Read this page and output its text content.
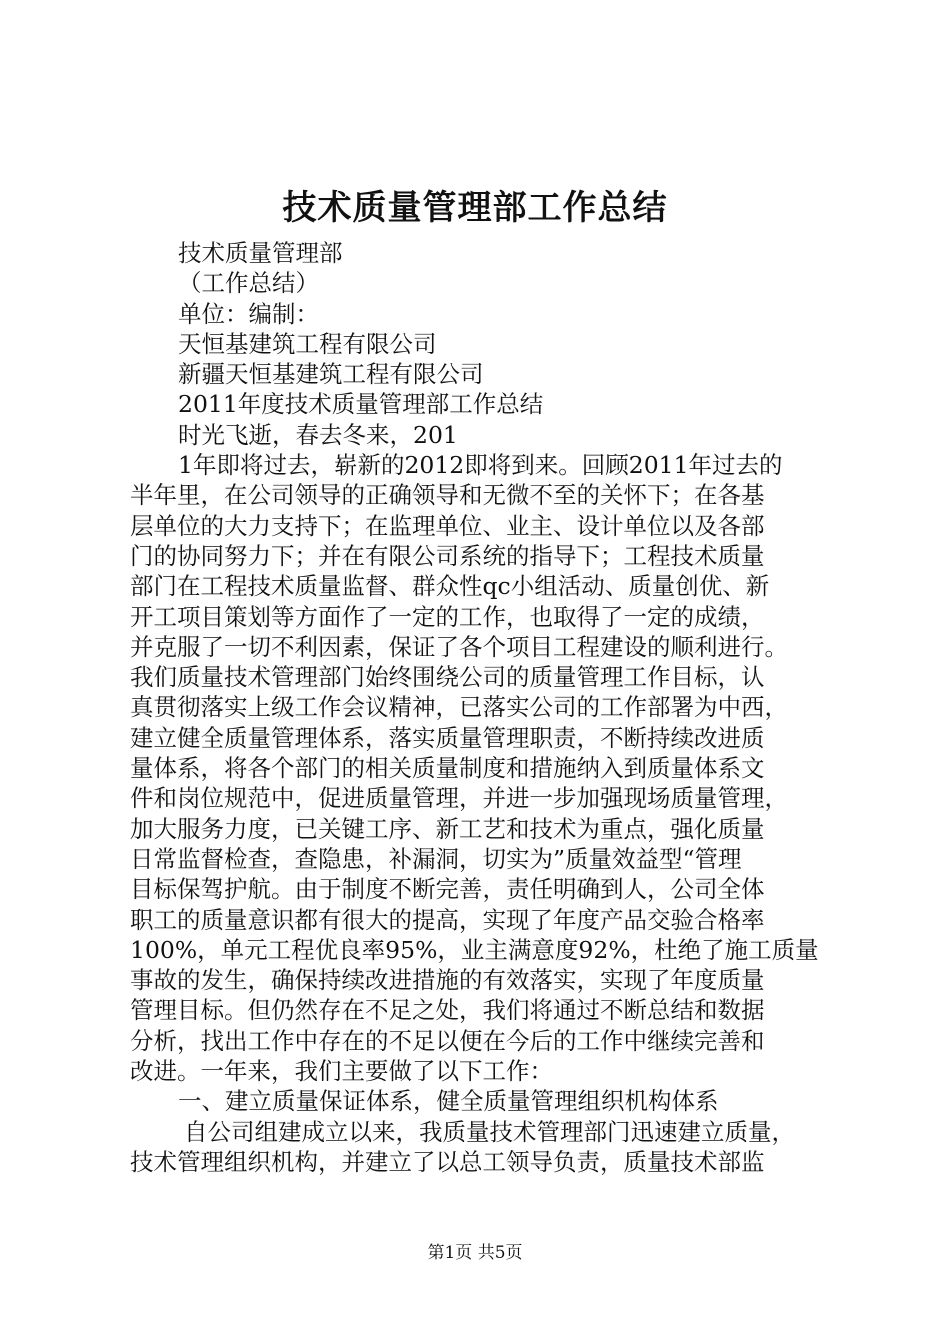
技术质量管理部工作总结
技术质量管理部
（工作总结）
单位：编制：
天恒基建筑工程有限公司
新疆天恒基建筑工程有限公司
2011年度技术质量管理部工作总结
时光飞逝，春去冬来，201
1年即将过去，崭新的2012即将到来。回顾2011年过去的
半年里，在公司领导的正确领导和无微不至的关怀下；在各基
层单位的大力支持下；在监理单位、业主、设计单位以及各部
门的协同努力下；并在有限公司系统的指导下；工程技术质量
部门在工程技术质量监督、群众性qc小组活动、质量创优、新
开工项目策划等方面作了一定的工作，也取得了一定的成绩，
并克服了一切不利因素，保证了各个项目工程建设的顺利进行。
我们质量技术管理部门始终围绕公司的质量管理工作目标，认
真贯彻落实上级工作会议精神，已落实公司的工作部署为中西，
建立健全质量管理体系，落实质量管理职责，不断持续改进质
量体系，将各个部门的相关质量制度和措施纳入到质量体系文
件和岗位规范中，促进质量管理，并进一步加强现场质量管理，
加大服务力度，已关键工序、新工艺和技术为重点，强化质量
日常监督检查，查隐患，补漏洞，切实为”质量效益型“管理
目标保驾护航。由于制度不断完善，责任明确到人，公司全体
职工的质量意识都有很大的提高，实现了年度产品交验合格率
100%，单元工程优良率95%，业主满意度92%，杜绝了施工质量
事故的发生，确保持续改进措施的有效落实，实现了年度质量
管理目标。但仍然存在不足之处，我们将通过不断总结和数据
分析，找出工作中存在的不足以便在今后的工作中继续完善和
改进。一年来，我们主要做了以下工作：
一、建立质量保证体系，健全质量管理组织机构体系
自公司组建成立以来，我质量技术管理部门迅速建立质量，
技术管理组织机构，并建立了以总工领导负责，质量技术部监
第1页 共5页
